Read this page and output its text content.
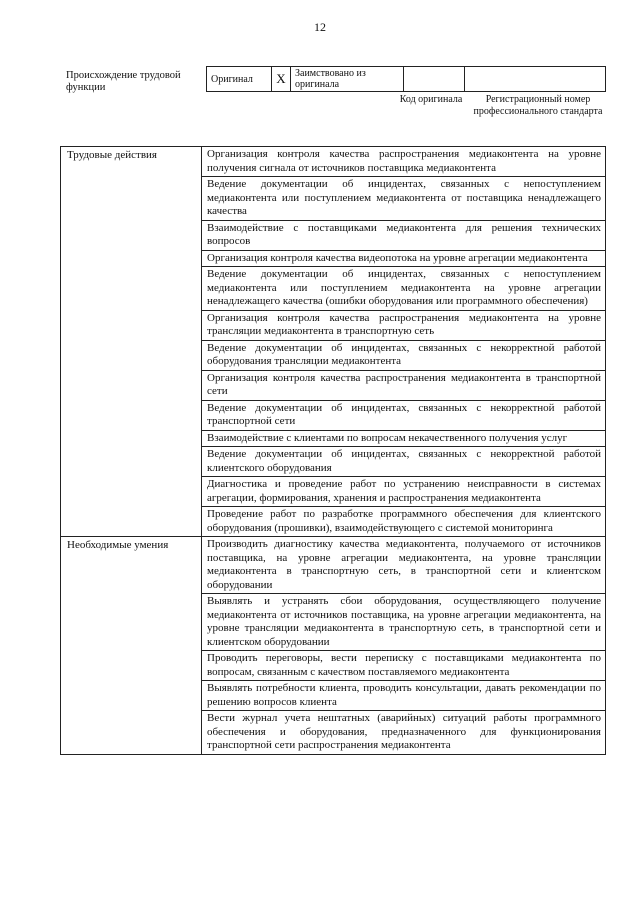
12
Происхождение трудовой функции
Оригинал	X	Заимствовано из оригинала		
Код оригинала	Регистрационный номер профессионального стандарта
Трудовые действия	Организация контроля качества распространения медиаконтента на уровне получения сигнала от источников поставщика медиаконтента
	Ведение документации об инцидентах, связанных с непоступлением медиаконтента или поступлением медиаконтента от поставщика ненадлежащего качества
	Взаимодействие с поставщиками медиаконтента для решения технических вопросов
	Организация контроля качества видеопотока на уровне агрегации медиаконтента
	Ведение документации об инцидентах, связанных с непоступлением медиаконтента или поступлением медиаконтента на уровне агрегации ненадлежащего качества (ошибки оборудования или программного обеспечения)
	Организация контроля качества распространения медиаконтента на уровне трансляции медиаконтента в транспортную сеть
	Ведение документации об инцидентах, связанных с некорректной работой оборудования трансляции медиаконтента
	Организация контроля качества распространения медиаконтента в транспортной сети
	Ведение документации об инцидентах, связанных с некорректной работой транспортной сети
	Взаимодействие с клиентами по вопросам некачественного получения услуг
	Ведение документации об инцидентах, связанных с некорректной работой клиентского оборудования
	Диагностика и проведение работ по устранению неисправности в системах агрегации, формирования, хранения и распространения медиаконтента
	Проведение работ по разработке программного обеспечения для клиентского оборудования (прошивки), взаимодействующего с системой мониторинга
Необходимые умения	Производить диагностику качества медиаконтента, получаемого от источников поставщика, на уровне агрегации медиаконтента, на уровне трансляции медиаконтента в транспортную сеть, в транспортной сети и клиентском оборудовании
	Выявлять и устранять сбои оборудования, осуществляющего получение медиаконтента от источников поставщика, на уровне агрегации медиаконтента, на уровне трансляции медиаконтента в транспортную сеть, в транспортной сети и клиентском оборудовании
	Проводить переговоры, вести переписку с поставщиками медиаконтента по вопросам, связанным с качеством поставляемого медиаконтента
	Выявлять потребности клиента, проводить консультации, давать рекомендации по решению вопросов клиента
	Вести журнал учета нештатных (аварийных) ситуаций работы программного обеспечения и оборудования, предназначенного для функционирования транспортной сети распространения медиаконтента
